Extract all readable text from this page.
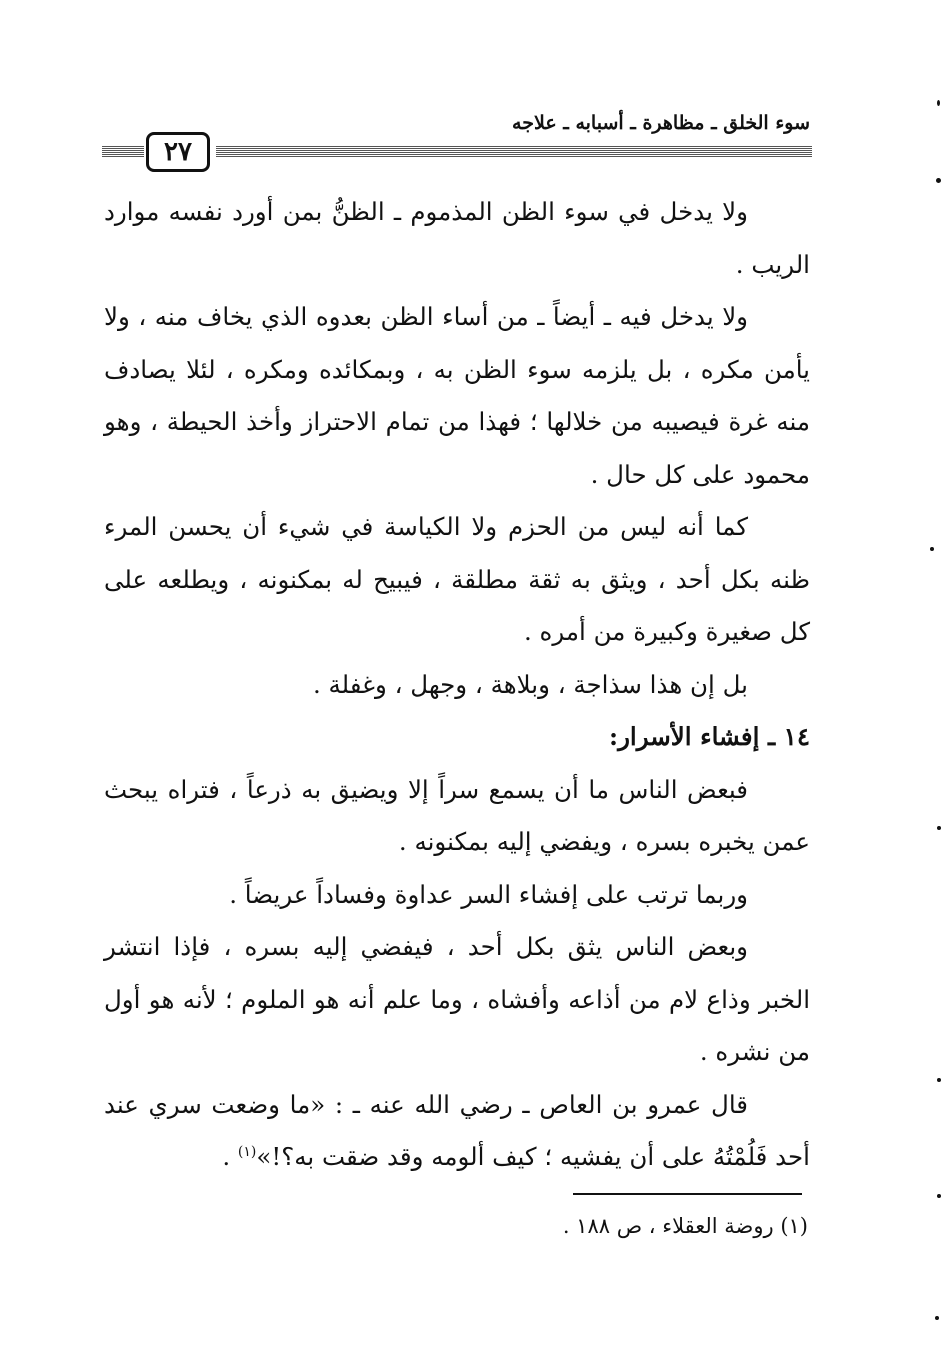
سوء الخلق ـ مظاهرة ـ أسبابه ـ علاجه
٢٧

ولا يدخل في سوء الظن المذموم ـ الظنُّ بمن أورد نفسه موارد الريب .

ولا يدخل فيه ـ أيضاً ـ من أساء الظن بعدوه الذي يخاف منه ، ولا يأمن مكره ، بل يلزمه سوء الظن به ، وبمكائده ومكره ، لئلا يصادف منه غرة فيصيبه من خلالها ؛ فهذا من تمام الاحتراز وأخذ الحيطة ، وهو محمود على كل حال .

كما أنه ليس من الحزم ولا الكياسة في شيء أن يحسن المرء ظنه بكل أحد ، ويثق به ثقة مطلقة ، فيبيح له بمكنونه ، ويطلعه على كل صغيرة وكبيرة من أمره .

بل إن هذا سذاجة ، وبلاهة ، وجهل ، وغفلة .

١٤ ـ إفشاء الأسرار:

فبعض الناس ما أن يسمع سراً إلا ويضيق به ذرعاً ، فتراه يبحث عمن يخبره بسره ، ويفضي إليه بمكنونه .

وربما ترتب على إفشاء السر عداوة وفساداً عريضاً .

وبعض الناس يثق بكل أحد ، فيفضي إليه بسره ، فإذا انتشر الخبر وذاع لام من أذاعه وأفشاه ، وما علم أنه هو الملوم ؛ لأنه هو أول من نشره .

قال عمرو بن العاص ـ رضي الله عنه ـ : «ما وضعت سري عند أحد فَلُمْتُهُ على أن يفشيه ؛ كيف ألومه وقد ضقت به؟!»$^{(١)}$ .

(١) روضة العقلاء ، ص ١٨٨ .
